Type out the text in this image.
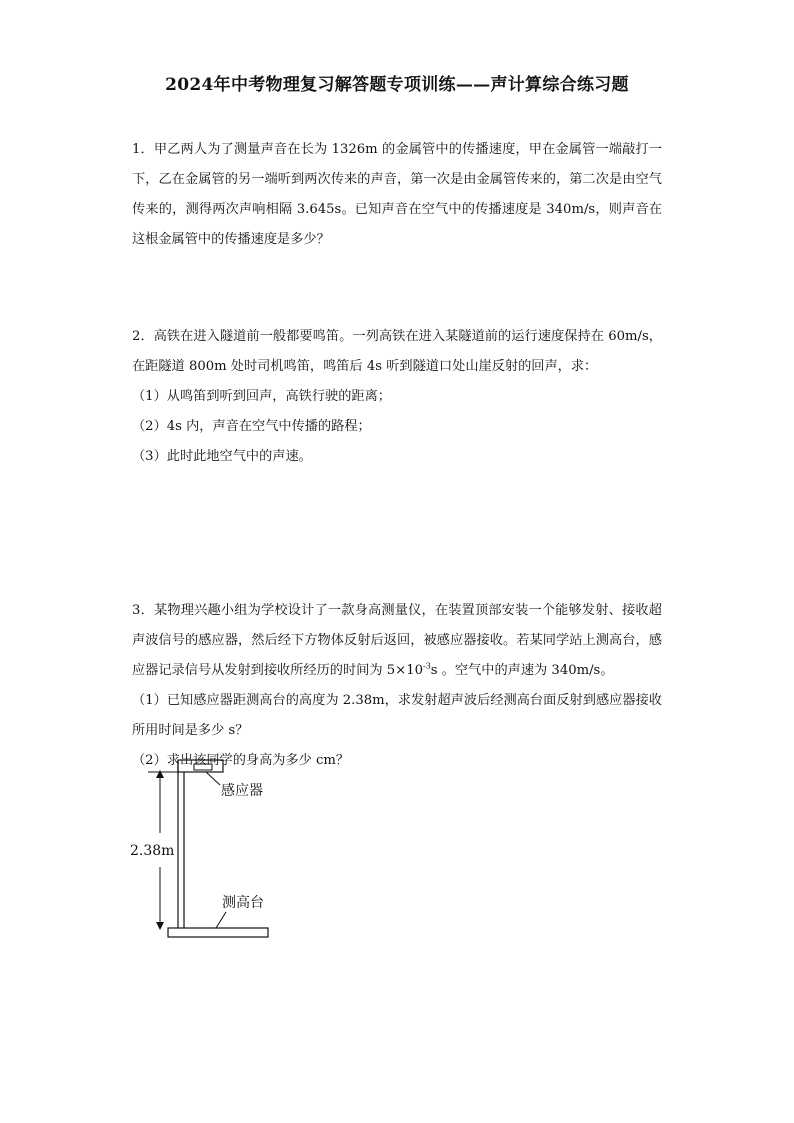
2024年中考物理复习解答题专项训练——声计算综合练习题

1．甲乙两人为了测量声音在长为 1326m 的金属管中的传播速度，甲在金属管一端敲打一下，乙在金属管的另一端听到两次传来的声音，第一次是由金属管传来的，第二次是由空气传来的，测得两次声响相隔 3.645s。已知声音在空气中的传播速度是 340m/s，则声音在这根金属管中的传播速度是多少？

2．高铁在进入隧道前一般都要鸣笛。一列高铁在进入某隧道前的运行速度保持在 60m/s，在距隧道 800m 处时司机鸣笛，鸣笛后 4s 听到隧道口处山崖反射的回声，求：

（1）从鸣笛到听到回声，高铁行驶的距离；

（2）4s 内，声音在空气中传播的路程；

（3）此时此地空气中的声速。

3．某物理兴趣小组为学校设计了一款身高测量仪，在装置顶部安装一个能够发射、接收超声波信号的感应器，然后经下方物体反射后返回，被感应器接收。若某同学站上测高台，感应器记录信号从发射到接收所经历的时间为 $5\times 10^{-3}s$ 。空气中的声速为 340m/s。

（1）已知感应器距测高台的高度为 2.38m，求发射超声波后经测高台面反射到感应器接收所用时间是多少 s？

（2）求出该同学的身高为多少 cm？

感应器
2.38m
测高台
